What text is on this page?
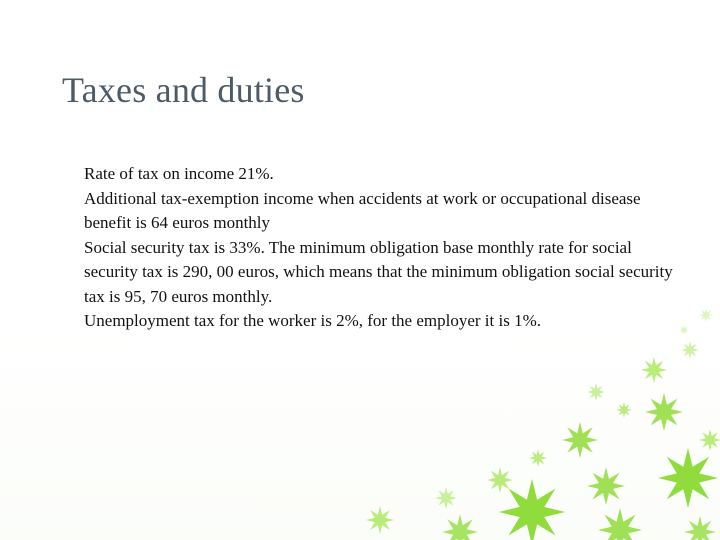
Taxes and duties
Rate of tax on income 21%.
Additional tax-exemption income when accidents at work or occupational disease benefit is 64 euros monthly
Social security tax is 33%. The minimum obligation base monthly rate for social security tax is 290, 00 euros, which means that the minimum obligation social security tax is 95, 70 euros monthly.
Unemployment tax for the worker is 2%, for the employer it is 1%.
